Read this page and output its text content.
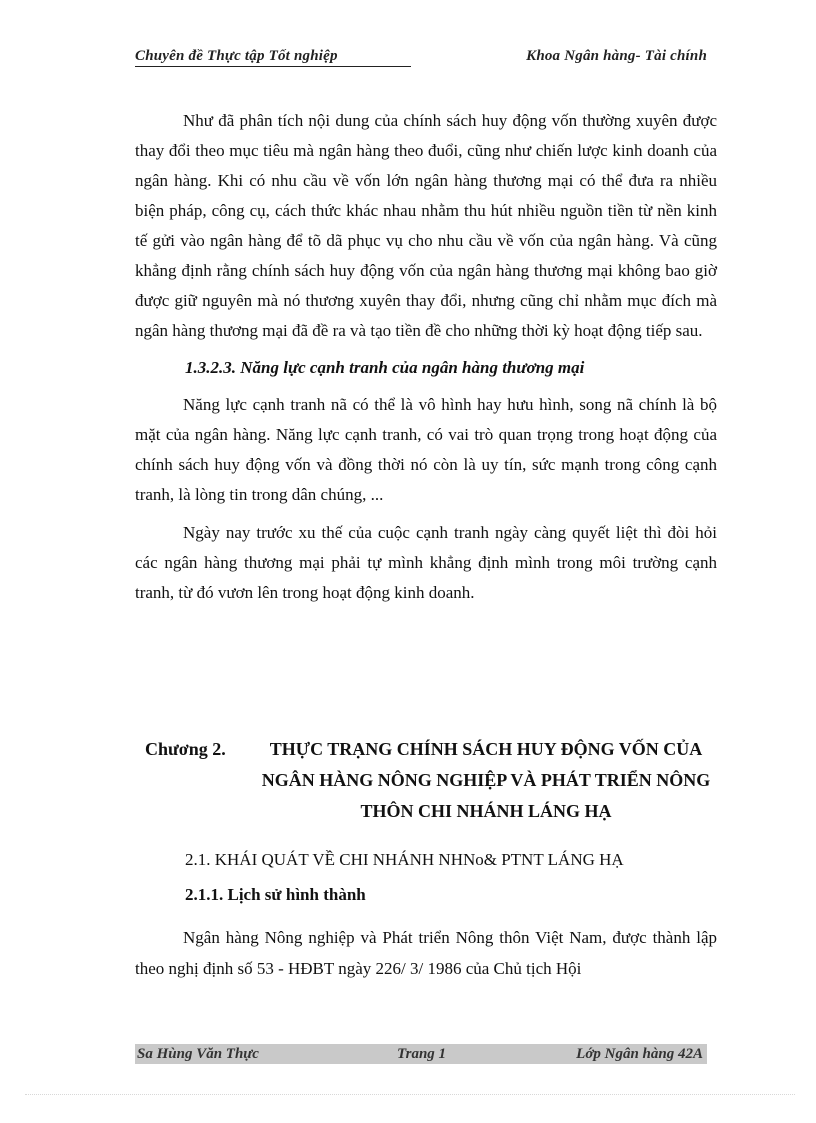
Chuyên đề Thực tập Tốt nghiệp	Khoa Ngân hàng- Tài chính

Như đã phân tích nội dung của chính sách huy động vốn thường xuyên được thay đổi theo mục tiêu mà ngân hàng theo đuổi, cũng như chiến lược kinh doanh của ngân hàng. Khi có nhu cầu về vốn lớn ngân hàng thương mại có thể đưa ra nhiều biện pháp, công cụ, cách thức khác nhau nhằm thu hút nhiều nguồn tiền từ nền kinh tế gửi vào ngân hàng để tõ dã phục vụ cho nhu cầu về vốn của ngân hàng. Và cũng khẳng định rằng chính sách huy động vốn của ngân hàng thương mại không bao giờ được giữ nguyên mà nó thương xuyên thay đổi, nhưng cũng chỉ nhằm mục đích mà ngân hàng thương mại đã đề ra và tạo tiền đề cho những thời kỳ hoạt động tiếp sau.

1.3.2.3. Năng lực cạnh tranh của ngân hàng thương mại

Năng lực cạnh tranh nã có thể là vô hình hay hưu hình, song nã chính là bộ mặt của ngân hàng. Năng lực cạnh tranh, có vai trò quan trọng trong hoạt động của chính sách huy động vốn và đồng thời nó còn là uy tín, sức mạnh trong công cạnh tranh, là lòng tin trong dân chúng, ...

Ngày nay trước xu thế của cuộc cạnh tranh ngày càng quyết liệt thì đòi hỏi các ngân hàng thương mại phải tự mình khẳng định mình trong môi trường cạnh tranh, từ đó vươn lên trong hoạt động kinh doanh.

Chương 2.	THỰC TRẠNG CHÍNH SÁCH HUY ĐỘNG VỐN CỦA
NGÂN HÀNG NÔNG NGHIỆP VÀ PHÁT TRIỂN NÔNG
THÔN CHI NHÁNH LÁNG HẠ
2.1. KHÁI QUÁT VỀ CHI NHÁNH NHNo& PTNT LÁNG HẠ
2.1.1. Lịch sử hình thành

Ngân hàng Nông nghiệp và Phát triển Nông thôn Việt Nam, được thành lập theo nghị định số 53 - HĐBT ngày 226/ 3/ 1986 của Chủ tịch Hội

Sa Hùng Văn Thực	Trang 1	Lớp Ngân hàng 42A
